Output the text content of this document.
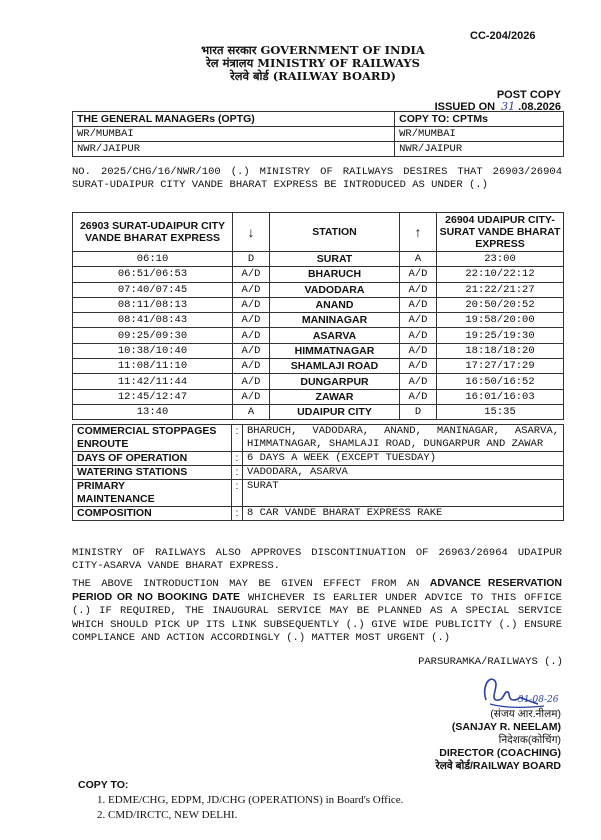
CC-204/2026
भारत सरकार GOVERNMENT OF INDIA
रेल मंत्रालय MINISTRY OF RAILWAYS
रेलवे बोर्ड (RAILWAY BOARD)
POST COPY
ISSUED ON 31 .08.2026
THE GENERAL MANAGERs (OPTG)	COPY TO: CPTMs
WR/MUMBAI	WR/MUMBAI
NWR/JAIPUR	NWR/JAIPUR
NO. 2025/CHG/16/NWR/100 (.) MINISTRY OF RAILWAYS DESIRES THAT 26903/26904 SURAT-UDAIPUR CITY VANDE BHARAT EXPRESS BE INTRODUCED AS UNDER (.)
26903 SURAT-UDAIPUR CITY VANDE BHARAT EXPRESS	↓	STATION	↑	26904 UDAIPUR CITY-SURAT VANDE BHARAT EXPRESS
06:10	D	SURAT	A	23:00
06:51/06:53	A/D	BHARUCH	A/D	22:10/22:12
07:40/07:45	A/D	VADODARA	A/D	21:22/21:27
08:11/08:13	A/D	ANAND	A/D	20:50/20:52
08:41/08:43	A/D	MANINAGAR	A/D	19:58/20:00
09:25/09:30	A/D	ASARVA	A/D	19:25/19:30
10:38/10:40	A/D	HIMMATNAGAR	A/D	18:18/18:20
11:08/11:10	A/D	SHAMLAJI ROAD	A/D	17:27/17:29
11:42/11:44	A/D	DUNGARPUR	A/D	16:50/16:52
12:45/12:47	A/D	ZAWAR	A/D	16:01/16:03
13:40	A	UDAIPUR CITY	D	15:35
COMMERCIAL STOPPAGES ENROUTE	:	BHARUCH, VADODARA, ANAND, MANINAGAR, ASARVA, HIMMATNAGAR, SHAMLAJI ROAD, DUNGARPUR AND ZAWAR
DAYS OF OPERATION	:	6 DAYS A WEEK (EXCEPT TUESDAY)
WATERING STATIONS	:	VADODARA, ASARVA

PRIMARY MAINTENANCE	:	SURAT
COMPOSITION	:	8 CAR VANDE BHARAT EXPRESS RAKE
MINISTRY OF RAILWAYS ALSO APPROVES DISCONTINUATION OF 26963/26964 UDAIPUR CITY-ASARVA VANDE BHARAT EXPRESS.
THE ABOVE INTRODUCTION MAY BE GIVEN EFFECT FROM AN ADVANCE RESERVATION PERIOD OR NO BOOKING DATE WHICHEVER IS EARLIER UNDER ADVICE TO THIS OFFICE (.) IF REQUIRED, THE INAUGURAL SERVICE MAY BE PLANNED AS A SPECIAL SERVICE WHICH SHOULD PICK UP ITS LINK SUBSEQUENTLY (.) GIVE WIDE PUBLICITY (.) ENSURE COMPLIANCE AND ACTION ACCORDINGLY (.) MATTER MOST URGENT (.)
PARSURAMKA/RAILWAYS (.)
31-08-26
(संजय आर.नीलम)
(SANJAY R. NEELAM)
निदेशक(कोचिंग)
DIRECTOR (COACHING)
रेलवे बोर्ड/RAILWAY BOARD
COPY TO:
1. EDME/CHG, EDPM, JD/CHG (OPERATIONS) in Board's Office.
2. CMD/IRCTC, NEW DELHI.
